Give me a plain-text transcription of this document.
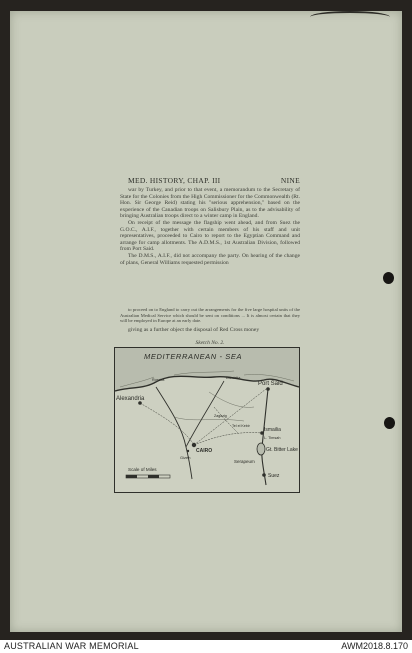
MED. HISTORY, CHAP. III	NINE

war by Turkey, and prior to that event, a memorandum to the Secretary of State for the Colonies from the High Commissioner for the Commonwealth (Rt. Hon. Sir George Reid) stating his "serious apprehension," based on the experience of the Canadian troops on Salisbury Plain, as to the advisability of bringing Australian troops direct to a winter camp in England.

On receipt of the message the flagship went ahead, and from Suez the G.O.C., A.I.F., together with certain members of his staff and unit representatives, proceeded to Cairo to report to the Egyptian Command and arrange for camp allotments. The A.D.M.S., 1st Australian Division, followed from Port Said.

The D.M.S., A.I.F., did not accompany the party. On hearing of the change of plans, General Williams requested permission

to proceed on to England to carry out the arrangements for the five large hospital units of the Australian Medical Service which should be sent on conditions ... It is almost certain that they will be employed in Europe at an early date.

giving as a further object the disposal of Red Cross money

Sketch No. 2.
MEDITERRANEAN - SEA
Alexandria
Port Said
CAIRO
Ismailia
L. Timsah
Gt. Bitter Lake
Serapeum
Suez
Gizeh
Rosetta	Damietta
Tel el Kebir
Zagazig
Scale of Miles
AUSTRALIAN WAR MEMORIAL	AWM2018.8.170
